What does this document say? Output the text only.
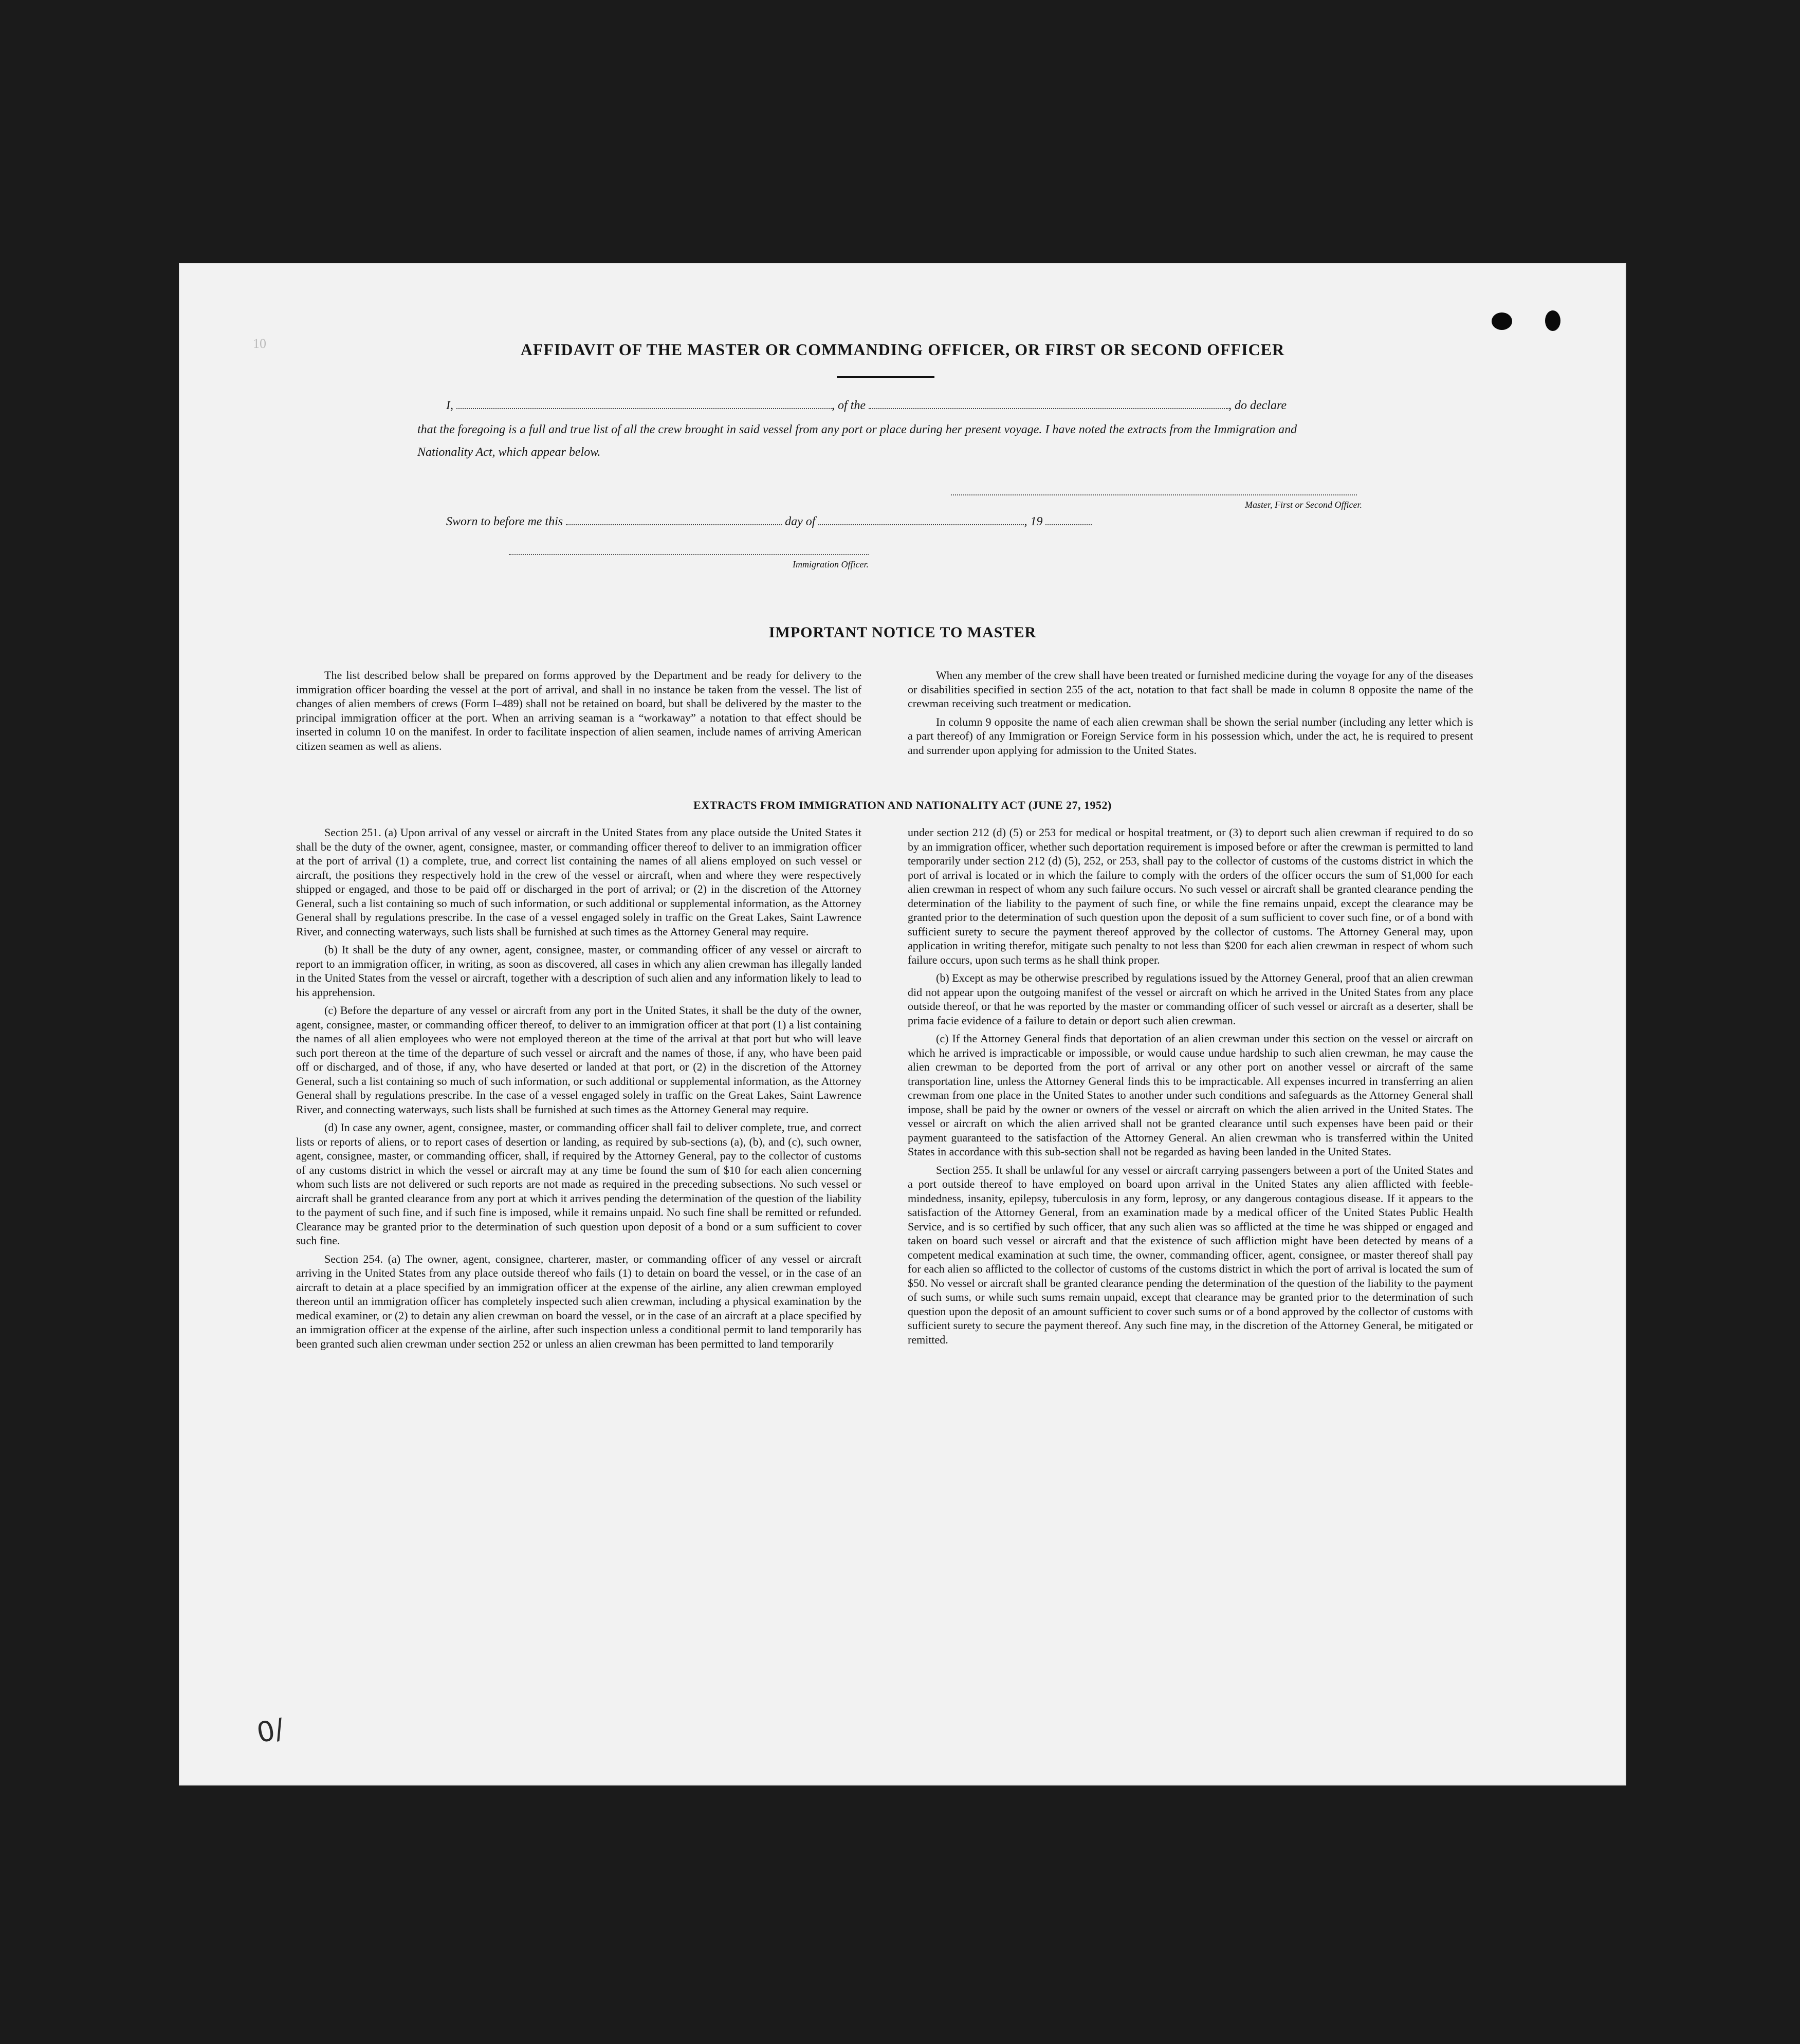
10	AFFIDAVIT OF THE MASTER OR COMMANDING OFFICER, OR FIRST OR SECOND OFFICER
I,	, of the	, do declare
that the foregoing is a full and true list of all the crew brought in said vessel from any port or place during her present voyage. I have noted the extracts from the Immigration and Nationality Act, which appear below.
Master, First or Second Officer.
Sworn to before me this	day of	, 19
Immigration Officer.
IMPORTANT NOTICE TO MASTER

The list described below shall be prepared on forms approved by the Department and be ready for delivery to the immigration officer boarding the vessel at the port of arrival, and shall in no instance be taken from the vessel. The list of changes of alien members of crews (Form I–489) shall not be retained on board, but shall be delivered by the master to the principal immigration officer at the port. When an arriving seaman is a “workaway” a notation to that effect should be inserted in column 10 on the manifest. In order to facilitate inspection of alien seamen, include names of arriving American citizen seamen as well as aliens.

When any member of the crew shall have been treated or furnished medicine during the voyage for any of the diseases or disabilities specified in section 255 of the act, notation to that fact shall be made in column 8 opposite the name of the crewman receiving such treatment or medication.

In column 9 opposite the name of each alien crewman shall be shown the serial number (including any letter which is a part thereof) of any Immigration or Foreign Service form in his possession which, under the act, he is required to present and surrender upon applying for admission to the United States.

EXTRACTS FROM IMMIGRATION AND NATIONALITY ACT (JUNE 27, 1952)

Section 251. (a) Upon arrival of any vessel or aircraft in the United States from any place outside the United States it shall be the duty of the owner, agent, consignee, master, or commanding officer thereof to deliver to an immigration officer at the port of arrival (1) a complete, true, and correct list containing the names of all aliens employed on such vessel or aircraft, the positions they respectively hold in the crew of the vessel or aircraft, when and where they were respectively shipped or engaged, and those to be paid off or discharged in the port of arrival; or (2) in the discretion of the Attorney General, such a list containing so much of such information, or such additional or supplemental information, as the Attorney General shall by regulations prescribe. In the case of a vessel engaged solely in traffic on the Great Lakes, Saint Lawrence River, and connecting waterways, such lists shall be furnished at such times as the Attorney General may require.

(b) It shall be the duty of any owner, agent, consignee, master, or commanding officer of any vessel or aircraft to report to an immigration officer, in writing, as soon as discovered, all cases in which any alien crewman has illegally landed in the United States from the vessel or aircraft, together with a description of such alien and any information likely to lead to his apprehension.

(c) Before the departure of any vessel or aircraft from any port in the United States, it shall be the duty of the owner, agent, consignee, master, or commanding officer thereof, to deliver to an immigration officer at that port (1) a list containing the names of all alien employees who were not employed thereon at the time of the arrival at that port but who will leave such port thereon at the time of the departure of such vessel or aircraft and the names of those, if any, who have been paid off or discharged, and of those, if any, who have deserted or landed at that port, or (2) in the discretion of the Attorney General, such a list containing so much of such information, or such additional or supplemental information, as the Attorney General shall by regulations prescribe. In the case of a vessel engaged solely in traffic on the Great Lakes, Saint Lawrence River, and connecting waterways, such lists shall be furnished at such times as the Attorney General may require.

(d) In case any owner, agent, consignee, master, or commanding officer shall fail to deliver complete, true, and correct lists or reports of aliens, or to report cases of desertion or landing, as required by sub-sections (a), (b), and (c), such owner, agent, consignee, master, or commanding officer, shall, if required by the Attorney General, pay to the collector of customs of any customs district in which the vessel or aircraft may at any time be found the sum of $10 for each alien concerning whom such lists are not delivered or such reports are not made as required in the preceding subsections. No such vessel or aircraft shall be granted clearance from any port at which it arrives pending the determination of the question of the liability to the payment of such fine, and if such fine is imposed, while it remains unpaid. No such fine shall be remitted or refunded. Clearance may be granted prior to the determination of such question upon deposit of a bond or a sum sufficient to cover such fine.

Section 254. (a) The owner, agent, consignee, charterer, master, or commanding officer of any vessel or aircraft arriving in the United States from any place outside thereof who fails (1) to detain on board the vessel, or in the case of an aircraft to detain at a place specified by an immigration officer at the expense of the airline, any alien crewman employed thereon until an immigration officer has completely inspected such alien crewman, including a physical examination by the medical examiner, or (2) to detain any alien crewman on board the vessel, or in the case of an aircraft at a place specified by an immigration officer at the expense of the airline, after such inspection unless a conditional permit to land temporarily has been granted such alien crewman under section 252 or unless an alien crewman has been permitted to land temporarily

under section 212 (d) (5) or 253 for medical or hospital treatment, or (3) to deport such alien crewman if required to do so by an immigration officer, whether such deportation requirement is imposed before or after the crewman is permitted to land temporarily under section 212 (d) (5), 252, or 253, shall pay to the collector of customs of the customs district in which the port of arrival is located or in which the failure to comply with the orders of the officer occurs the sum of $1,000 for each alien crewman in respect of whom any such failure occurs. No such vessel or aircraft shall be granted clearance pending the determination of the liability to the payment of such fine, or while the fine remains unpaid, except the clearance may be granted prior to the determination of such question upon the deposit of a sum sufficient to cover such fine, or of a bond with sufficient surety to secure the payment thereof approved by the collector of customs. The Attorney General may, upon application in writing therefor, mitigate such penalty to not less than $200 for each alien crewman in respect of whom such failure occurs, upon such terms as he shall think proper.

(b) Except as may be otherwise prescribed by regulations issued by the Attorney General, proof that an alien crewman did not appear upon the outgoing manifest of the vessel or aircraft on which he arrived in the United States from any place outside thereof, or that he was reported by the master or commanding officer of such vessel or aircraft as a deserter, shall be prima facie evidence of a failure to detain or deport such alien crewman.

(c) If the Attorney General finds that deportation of an alien crewman under this section on the vessel or aircraft on which he arrived is impracticable or impossible, or would cause undue hardship to such alien crewman, he may cause the alien crewman to be deported from the port of arrival or any other port on another vessel or aircraft of the same transportation line, unless the Attorney General finds this to be impracticable. All expenses incurred in transferring an alien crewman from one place in the United States to another under such conditions and safeguards as the Attorney General shall impose, shall be paid by the owner or owners of the vessel or aircraft on which the alien arrived in the United States. The vessel or aircraft on which the alien arrived shall not be granted clearance until such expenses have been paid or their payment guaranteed to the satisfaction of the Attorney General. An alien crewman who is transferred within the United States in accordance with this sub-section shall not be regarded as having been landed in the United States.

Section 255. It shall be unlawful for any vessel or aircraft carrying passengers between a port of the United States and a port outside thereof to have employed on board upon arrival in the United States any alien afflicted with feeble-mindedness, insanity, epilepsy, tuberculosis in any form, leprosy, or any dangerous contagious disease. If it appears to the satisfaction of the Attorney General, from an examination made by a medical officer of the United States Public Health Service, and is so certified by such officer, that any such alien was so afflicted at the time he was shipped or engaged and taken on board such vessel or aircraft and that the existence of such affliction might have been detected by means of a competent medical examination at such time, the owner, commanding officer, agent, consignee, or master thereof shall pay for each alien so afflicted to the collector of customs of the customs district in which the port of arrival is located the sum of $50. No vessel or aircraft shall be granted clearance pending the determination of the question of the liability to the payment of such sums, or while such sums remain unpaid, except that clearance may be granted prior to the determination of such question upon the deposit of an amount sufficient to cover such sums or of a bond approved by the collector of customs with sufficient surety to secure the payment thereof. Any such fine may, in the discretion of the Attorney General, be mitigated or remitted.

0/
